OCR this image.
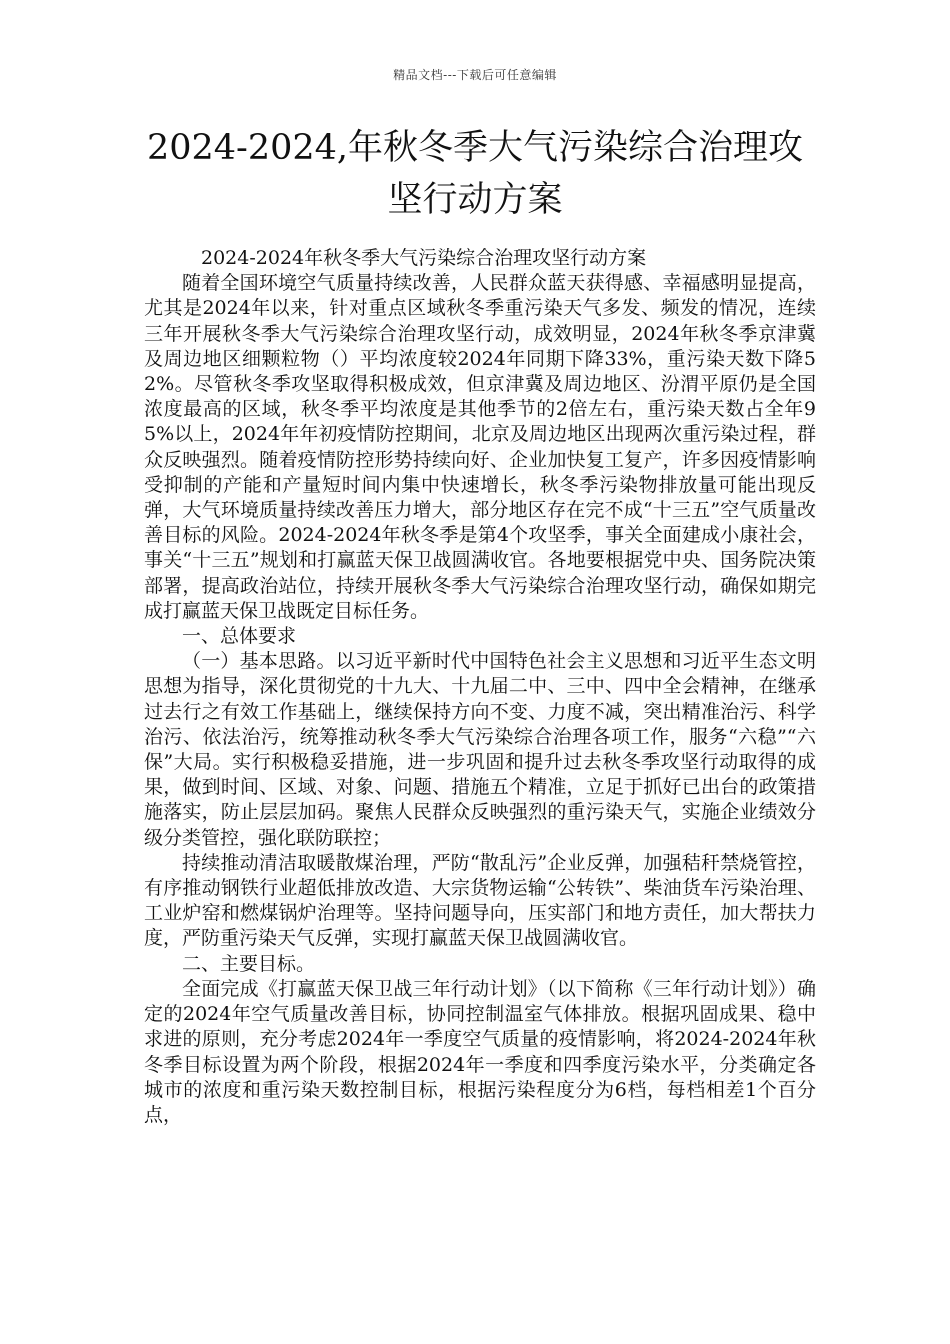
精品文档---下载后可任意编辑
2024-2024,年秋冬季大气污染综合治理攻
坚行动方案

2024-2024年秋冬季大气污染综合治理攻坚行动方案

随着全国环境空气质量持续改善，人民群众蓝天获得感、幸福感明显提高，尤其是2024年以来，针对重点区域秋冬季重污染天气多发、频发的情况，连续三年开展秋冬季大气污染综合治理攻坚行动，成效明显，2024年秋冬季京津冀及周边地区细颗粒物（）平均浓度较2024年同期下降33%，重污染天数下降52%。尽管秋冬季攻坚取得积极成效，但京津冀及周边地区、汾渭平原仍是全国浓度最高的区域，秋冬季平均浓度是其他季节的2倍左右，重污染天数占全年95%以上，2024年年初疫情防控期间，北京及周边地区出现两次重污染过程，群众反映强烈。随着疫情防控形势持续向好、企业加快复工复产，许多因疫情影响受抑制的产能和产量短时间内集中快速增长，秋冬季污染物排放量可能出现反弹，大气环境质量持续改善压力增大，部分地区存在完不成“十三五”空气质量改善目标的风险。2024-2024年秋冬季是第4个攻坚季，事关全面建成小康社会，事关“十三五”规划和打赢蓝天保卫战圆满收官。各地要根据党中央、国务院决策部署，提高政治站位，持续开展秋冬季大气污染综合治理攻坚行动，确保如期完成打赢蓝天保卫战既定目标任务。

一、总体要求

（一）基本思路。以习近平新时代中国特色社会主义思想和习近平生态文明思想为指导，深化贯彻党的十九大、十九届二中、三中、四中全会精神，在继承过去行之有效工作基础上，继续保持方向不变、力度不减，突出精准治污、科学治污、依法治污，统筹推动秋冬季大气污染综合治理各项工作，服务“六稳”“六保”大局。实行积极稳妥措施，进一步巩固和提升过去秋冬季攻坚行动取得的成果，做到时间、区域、对象、问题、措施五个精准，立足于抓好已出台的政策措施落实，防止层层加码。聚焦人民群众反映强烈的重污染天气，实施企业绩效分级分类管控，强化联防联控；

持续推动清洁取暖散煤治理，严防“散乱污”企业反弹，加强秸秆禁烧管控，有序推动钢铁行业超低排放改造、大宗货物运输“公转铁”、柴油货车污染治理、工业炉窑和燃煤锅炉治理等。坚持问题导向，压实部门和地方责任，加大帮扶力度，严防重污染天气反弹，实现打赢蓝天保卫战圆满收官。

二、主要目标。

全面完成《打赢蓝天保卫战三年行动计划》（以下简称《三年行动计划》）确定的2024年空气质量改善目标，协同控制温室气体排放。根据巩固成果、稳中求进的原则，充分考虑2024年一季度空气质量的疫情影响，将2024-2024年秋冬季目标设置为两个阶段，根据2024年一季度和四季度污染水平，分类确定各城市的浓度和重污染天数控制目标，根据污染程度分为6档，每档相差1个百分点，
